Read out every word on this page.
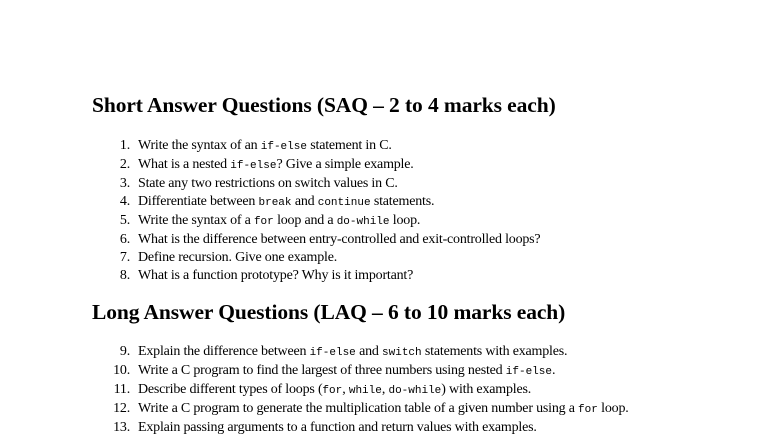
Short Answer Questions (SAQ – 2 to 4 marks each)
1. Write the syntax of an if-else statement in C.
2. What is a nested if-else? Give a simple example.
3. State any two restrictions on switch values in C.
4. Differentiate between break and continue statements.
5. Write the syntax of a for loop and a do-while loop.
6. What is the difference between entry-controlled and exit-controlled loops?
7. Define recursion. Give one example.
8. What is a function prototype? Why is it important?
Long Answer Questions (LAQ – 6 to 10 marks each)
9. Explain the difference between if-else and switch statements with examples.
10. Write a C program to find the largest of three numbers using nested if-else.
11. Describe different types of loops (for, while, do-while) with examples.
12. Write a C program to generate the multiplication table of a given number using a for loop.
13. Explain passing arguments to a function and return values with examples.
